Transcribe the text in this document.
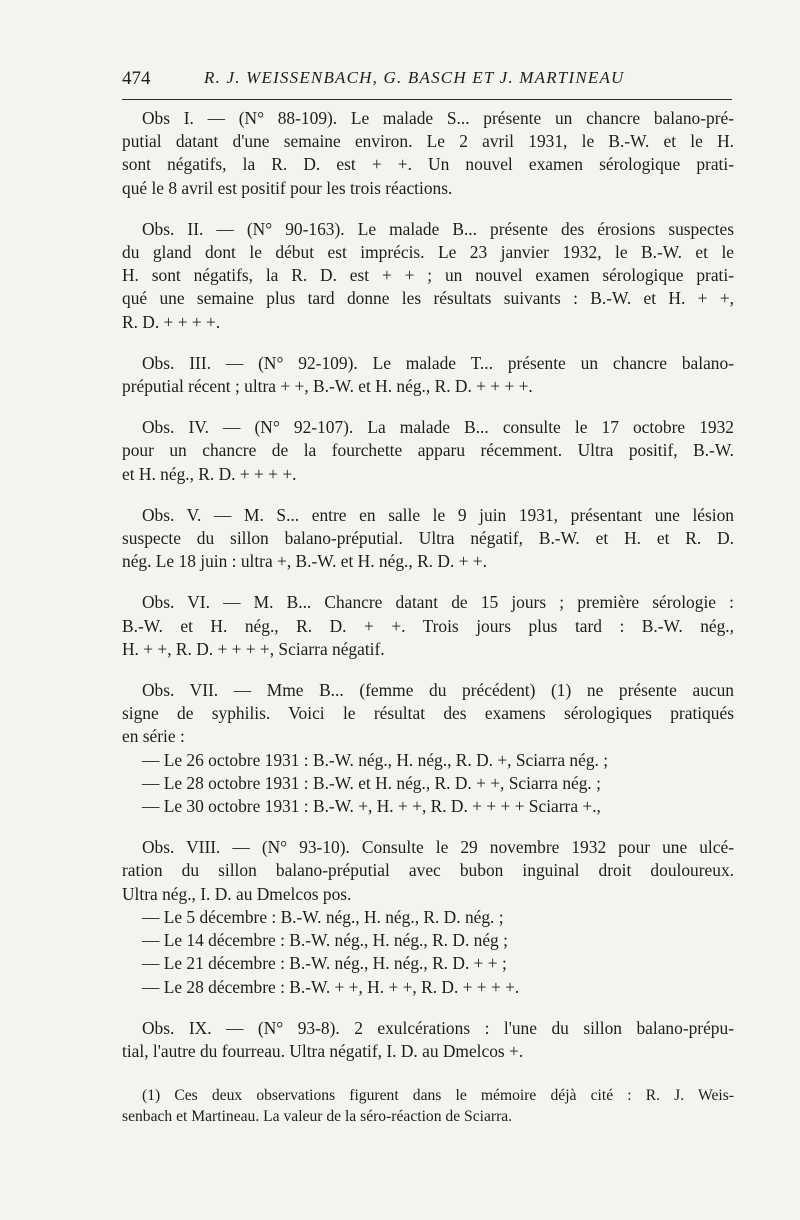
474	R. J. WEISSENBACH, G. BASCH ET J. MARTINEAU
Obs I. — (N° 88-109). Le malade S... présente un chancre balano-pré-
putial datant d'une semaine environ. Le 2 avril 1931, le B.-W. et le H.
sont négatifs, la R. D. est + +. Un nouvel examen sérologique prati-
qué le 8 avril est positif pour les trois réactions.
Obs. II. — (N° 90-163). Le malade B... présente des érosions suspectes
du gland dont le début est imprécis. Le 23 janvier 1932, le B.-W. et le
H. sont négatifs, la R. D. est + + ; un nouvel examen sérologique prati-
qué une semaine plus tard donne les résultats suivants : B.-W. et H. + +,
R. D. + + + +.
Obs. III. — (N° 92-109). Le malade T... présente un chancre balano-
préputial récent ; ultra + +, B.-W. et H. nég., R. D. + + + +.
Obs. IV. — (N° 92-107). La malade B... consulte le 17 octobre 1932
pour un chancre de la fourchette apparu récemment. Ultra positif, B.-W.
et H. nég., R. D. + + + +.
Obs. V. — M. S... entre en salle le 9 juin 1931, présentant une lésion
suspecte du sillon balano-préputial. Ultra négatif, B.-W. et H. et R. D.
nég. Le 18 juin : ultra +, B.-W. et H. nég., R. D. + +.
Obs. VI. — M. B... Chancre datant de 15 jours ; première sérologie :
B.-W. et H. nég., R. D. + +. Trois jours plus tard : B.-W. nég.,
H. + +, R. D. + + + +, Sciarra négatif.
Obs. VII. — Mme B... (femme du précédent) (1) ne présente aucun
signe de syphilis. Voici le résultat des examens sérologiques pratiqués
en série :
— Le 26 octobre 1931 : B.-W. nég., H. nég., R. D. +, Sciarra nég. ;
— Le 28 octobre 1931 : B.-W. et H. nég., R. D. + +, Sciarra nég. ;
— Le 30 octobre 1931 : B.-W. +, H. + +, R. D. + + + + Sciarra +.,
Obs. VIII. — (N° 93-10). Consulte le 29 novembre 1932 pour une ulcé-
ration du sillon balano-préputial avec bubon inguinal droit douloureux.
Ultra nég., I. D. au Dmelcos pos.
— Le 5 décembre : B.-W. nég., H. nég., R. D. nég. ;
— Le 14 décembre : B.-W. nég., H. nég., R. D. nég ;
— Le 21 décembre : B.-W. nég., H. nég., R. D. + + ;
— Le 28 décembre : B.-W. + +, H. + +, R. D. + + + +.
Obs. IX. — (N° 93-8). 2 exulcérations : l'une du sillon balano-prépu-
tial, l'autre du fourreau. Ultra négatif, I. D. au Dmelcos +.
(1) Ces deux observations figurent dans le mémoire déjà cité : R. J. Weis-
senbach et Martineau. La valeur de la séro-réaction de Sciarra.
